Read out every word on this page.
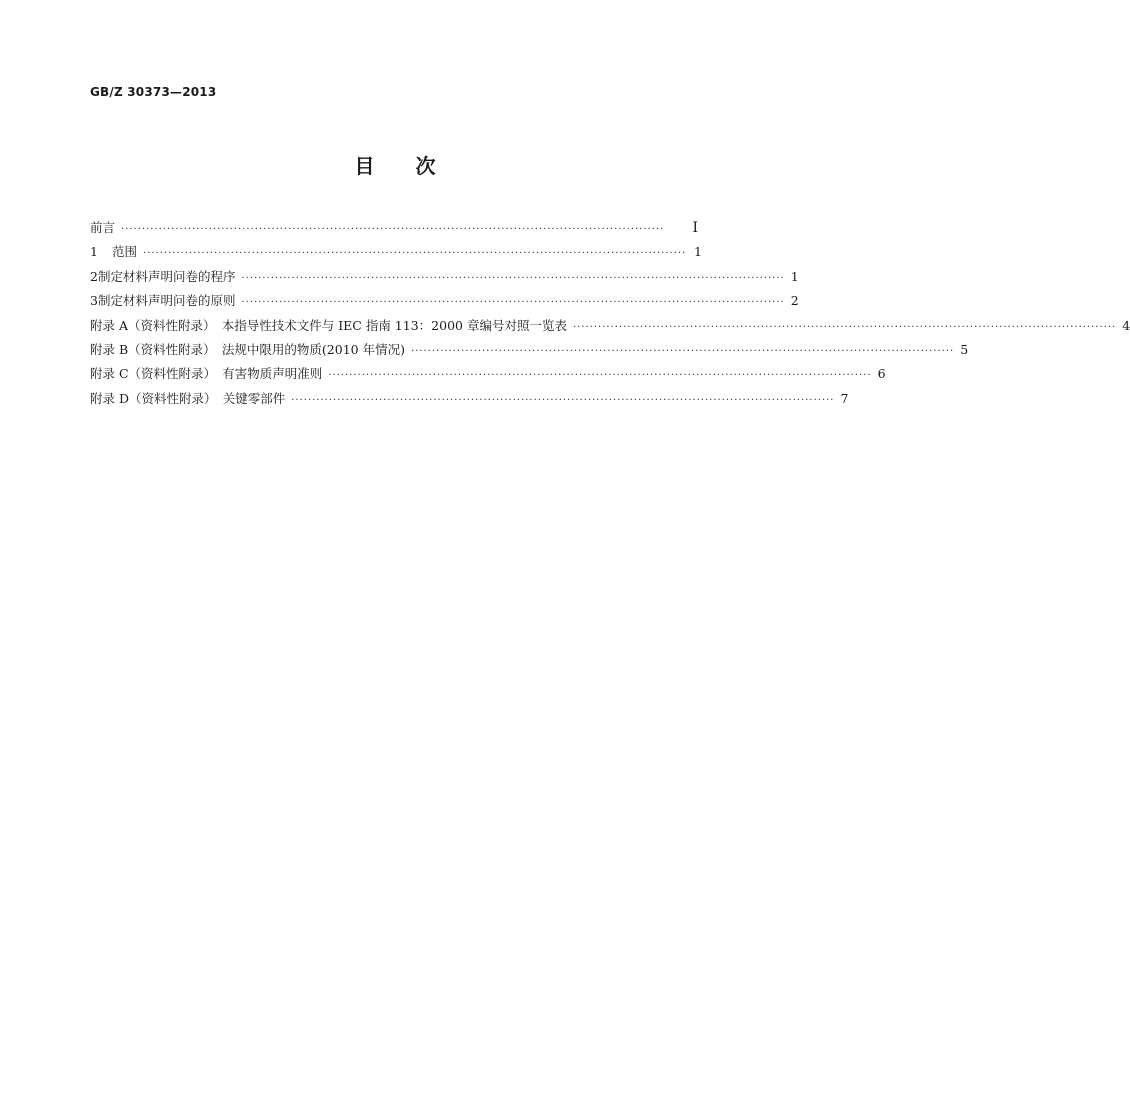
GB/Z 30373—2013
目 次
前言 ··································································································································	Ⅰ
1	范围 ·································································································································· 1
2 制定材料声明问卷的程序 ·································································································································· 1
3 制定材料声明问卷的原则 ·································································································································· 2
附录 A（资料性附录）　本指导性技术文件与 IEC 指南 113：2000 章编号对照一览表 ·································································································································· 4
附录 B（资料性附录）　法规中限用的物质(2010 年情况) ·································································································································· 5
附录 C（资料性附录）　有害物质声明准则 ·································································································································· 6
附录 D（资料性附录）　关键零部件 ·································································································································· 7
